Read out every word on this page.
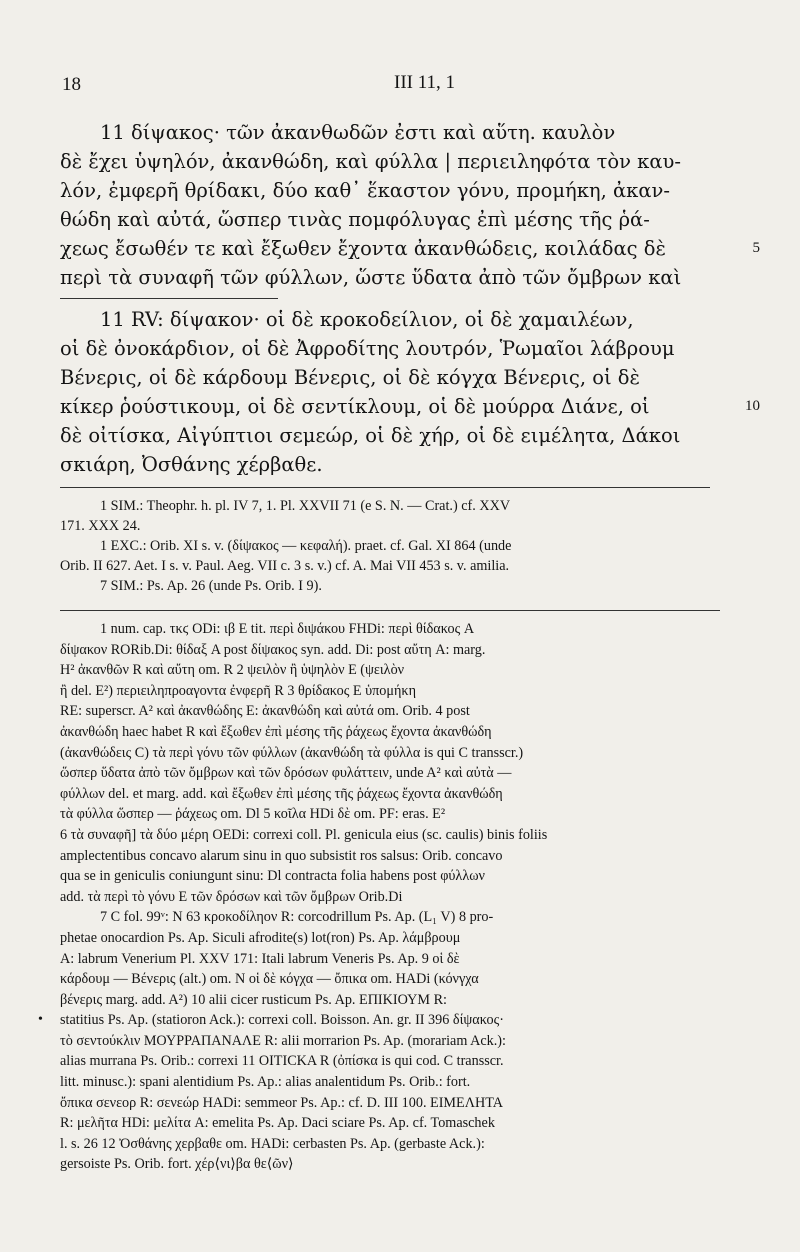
18	III 11, 1
11 δίψακος· τῶν ἀκανθωδῶν ἐστι καὶ αὕτη. καυλὸν
δὲ ἔχει ὑψηλόν, ἀκανθώδη, καὶ φύλλα | περιειληφότα τὸν καυ-
λόν, ἐμφερῆ θρίδακι, δύο καθ᾽ ἕκαστον γόνυ, προμήκη, ἀκαν-
θώδη καὶ αὐτά, ὥσπερ τινὰς πομφόλυγας ἐπὶ μέσης τῆς ῥά-
χεως ἔσωθέν τε καὶ ἔξωθεν ἔχοντα ἀκανθώδεις, κοιλάδας δὲ	5
περὶ τὰ συναφῆ τῶν φύλλων, ὥστε ὕδατα ἀπὸ τῶν ὄμβρων καὶ
11 RV: δίψακον· οἱ δὲ κροκοδείλιον, οἱ δὲ χαμαιλέων,
οἱ δὲ ὀνοκάρδιον, οἱ δὲ Ἀφροδίτης λουτρόν, Ῥωμαῖοι λάβρουμ
Βένερις, οἱ δὲ κάρδουμ Βένερις, οἱ δὲ κόγχα Βένερις, οἱ δὲ
κίκερ ῥούστικουμ, οἱ δὲ σεντίκλουμ, οἱ δὲ μούρρα Διάνε, οἱ	10
δὲ οἰτίσκα, Αἰγύπτιοι σεμεώρ, οἱ δὲ χήρ, οἱ δὲ ειμέλητα, Δάκοι
σκιάρη, Ὀσθάνης χέρβαθε.
1 SIM.: Theophr. h. pl. IV 7, 1. Pl. XXVII 71 (e S. N. — Crat.) cf. XXV
171. XXX 24.
1 EXC.: Orib. XI s. v. (δίψακος — κεφαλή). praet. cf. Gal. XI 864 (unde
Orib. II 627. Aet. I s. v. Paul. Aeg. VII c. 3 s. v.) cf. A. Mai VII 453 s. v. amilia.
7 SIM.: Ps. Ap. 26 (unde Ps. Orib. I 9).
1 num. cap. τκϛ ODi: ιβ E tit. περὶ διψάκου FHDi: περὶ θίδακος A
δίψακον RORib.Di: θίδαξ A post δίψακος syn. add. Di: post αὔτη A: marg.
H² ἀκανθῶν R καὶ αὔτη om. R 2 ψειλὸν ἢ ὑψηλὸν E (ψειλὸν
ἢ del. E²) περιειληπροαγοντα ἐνφερῆ R 3 θρίδακος E ὑπομήκη
RE: superscr. A² καὶ ἀκανθώδης E: ἀκανθώδη καὶ αὐτά om. Orib. 4 post
ἀκανθώδη haec habet R καὶ ἔξωθεν ἐπὶ μέσης τῆς ῥάχεως ἔχοντα ἀκανθώδη
(ἀκανθώδεις C) τὰ περὶ γόνυ τῶν φύλλων (ἀκανθώδη τὰ φύλλα is qui C transscr.)
ὥσπερ ὕδατα ἀπὸ τῶν ὄμβρων καὶ τῶν δρόσων φυλάττειν, unde A² καὶ αὐτὰ —
φύλλων del. et marg. add. καὶ ἔξωθεν ἐπὶ μέσης τῆς ῥάχεως ἔχοντα ἀκανθώδη
τὰ φύλλα ὥσπερ — ῥάχεως om. Dl 5 κοῖλα HDi δὲ om. PF: eras. E²
6 τὰ συναφῆ] τὰ δύο μέρη OEDi: correxi coll. Pl. genicula eius (sc. caulis) binis foliis
amplectentibus concavo alarum sinu in quo subsistit ros salsus: Orib. concavo
qua se in geniculis coniungunt sinu: Dl contracta folia habens post φύλλων
add. τὰ περὶ τὸ γόνυ E τῶν δρόσων καὶ τῶν ὄμβρων Orib.Di
7 C fol. 99ᵛ: N 63 κροκοδίληον R: corcodrillum Ps. Ap. (L₁ V) 8 pro-
phetae onocardion Ps. Ap. Siculi afrodite(s) lot(ron) Ps. Ap. λάμβρουμ
A: labrum Venerium Pl. XXV 171: Itali labrum Veneris Ps. Ap. 9 οἱ δὲ
κάρδουμ — Βένερις (alt.) om. N οἱ δὲ κόγχα — ὄπικα om. HADi (κόνγχα
βένερις marg. add. A²) 10 alii cicer rusticum Ps. Ap. ΕΠΙΚΙΟΥΜ R:
• statitius Ps. Ap. (statioron Ack.): correxi coll. Boisson. An. gr. II 396 δίψακος·
τὸ σεντούκλιν ΜΟΥΡΡΑΠΑΝΑΛΕ R: alii morrarion Ps. Ap. (morariam Ack.):
alias murrana Ps. Orib.: correxi 11 ΟΙΤΙCΚΑ R (ὀπίσκα is qui cod. C transscr.
litt. minusc.): spani alentidium Ps. Ap.: alias analentidum Ps. Orib.: fort.
ὄπικα σενεορ R: σενεώρ HADi: semmeor Ps. Ap.: cf. D. III 100. ΕΙΜΕΛΗΤΑ
R: μελῆτα HDi: μελίτα A: emelita Ps. Ap. Daci sciare Ps. Ap. cf. Tomaschek
l. s. 26 12 Ὀσθάνης χερβαθε om. HADi: cerbasten Ps. Ap. (gerbaste Ack.):
gersoiste Ps. Orib. fort. χέρ⟨νι⟩βα θε⟨ῶν⟩
